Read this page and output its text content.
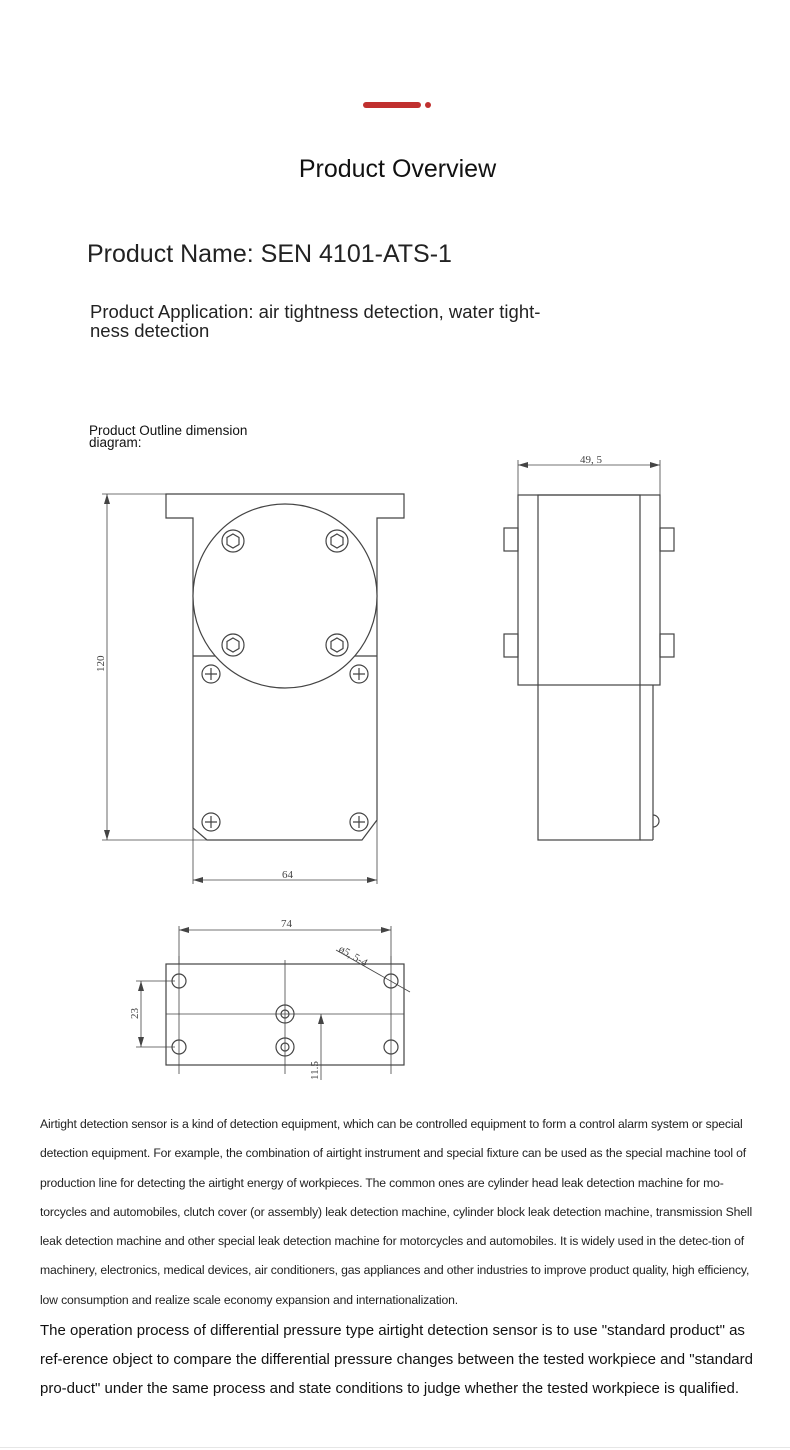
One
Product Overview
Product Name: SEN 4101-ATS-1
Product Application: air tightness detection, water tight-ness detection
Product Outline dimension diagram:
120
64
49, 5
74
23
11.5
ø5, 5-4
Airtight detection sensor is a kind of detection equipment, which can be controlled equipment to form a control alarm system or special detection equipment. For example, the combination of airtight instrument and special fixture can be used as the special machine tool of production line for detecting the airtight energy of workpieces. The common ones are cylinder head leak detection machine for mo-torcycles and automobiles, clutch cover (or assembly) leak detection machine, cylinder block leak detection machine, transmission Shell leak detection machine and other special leak detection machine for motorcycles and automobiles. It is widely used in the detec-tion of machinery, electronics, medical devices, air conditioners, gas appliances and other industries to improve product quality, high efficiency, low consumption and realize scale economy expansion and internationalization.
The operation process of differential pressure type airtight detection sensor is to use "standard product" as ref-erence object to compare the differential pressure changes between the tested workpiece and "standard pro-duct" under the same process and state conditions to judge whether the tested workpiece is qualified.
